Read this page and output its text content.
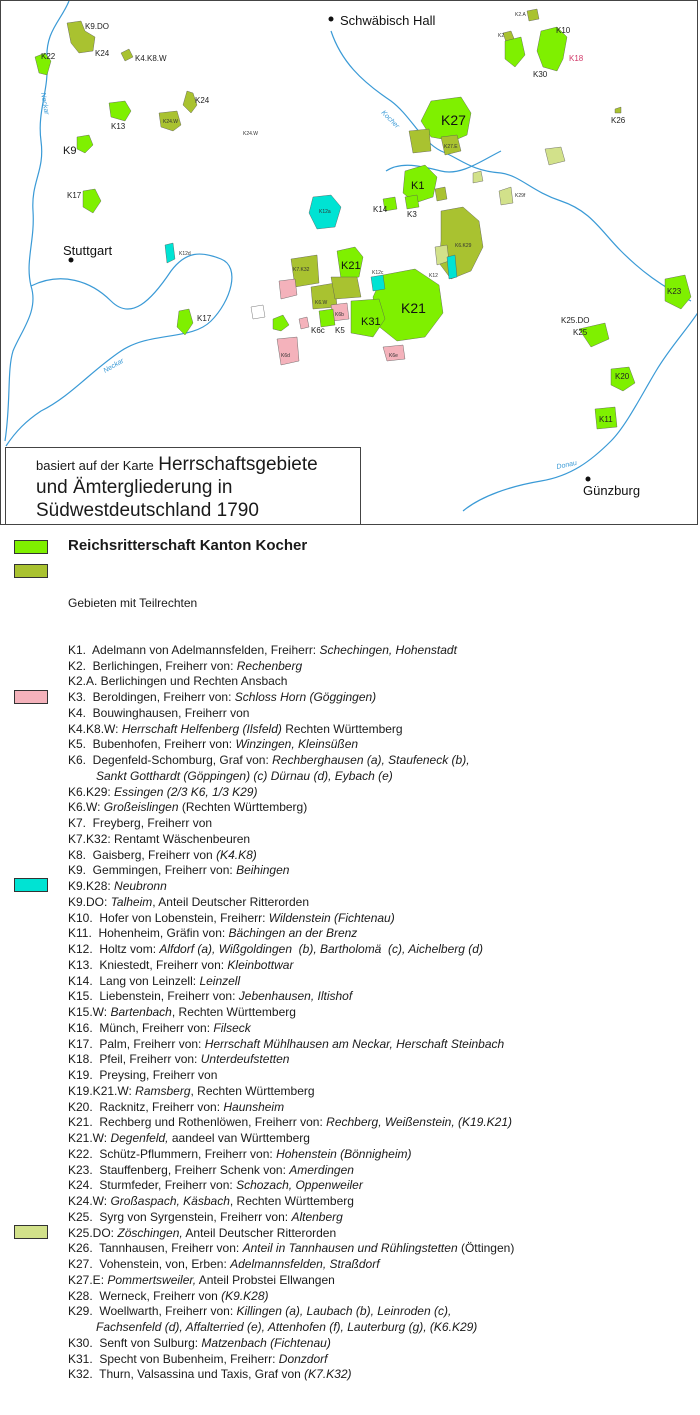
Neckar
Kocher
Neckar
Donau
Schwäbisch Hall
Stuttgart
Günzburg
K9.DO
K24
K22	K4.K8.W
K24
K13	K24.W
K24.W
K9
K17
K12d
K17
K2.A
K2
K10
K30
K18
K26
K27
K27.E
K1
K3
K14
K12a
K6.K29
K29f
K21
K21
K31
K7.K32
K6.W
K6b
K6c K5
K6d	K6e
K12
K12c
K23
K25.DO
K25
K20
K11
basiert auf der Karte Herrschaftsgebiete
und Ämtergliederung in
Südwestdeutschland 1790
Reichsritterschaft Kanton Kocher

Gebieten mit Teilrechten

K1.  Adelmann von Adelmannsfelden, Freiherr: Schechingen, Hohenstadt
K2.  Berlichingen, Freiherr von: Rechenberg
K2.A. Berlichingen und Rechten Ansbach
K3.  Beroldingen, Freiherr von: Schloss Horn (Göggingen)
K4.  Bouwinghausen, Freiherr von
K4.K8.W: Herrschaft Helfenberg (Ilsfeld) Rechten Württemberg
K5.  Bubenhofen, Freiherr von: Winzingen, Kleinsüßen
K6.  Degenfeld-Schomburg, Graf von: Rechberghausen (a), Staufeneck (b),
Sankt Gotthardt (Göppingen) (c) Dürnau (d), Eybach (e)
K6.K29: Essingen (2/3 K6, 1/3 K29)
K6.W: Großeislingen (Rechten Württemberg)
K7.  Freyberg, Freiherr von
K7.K32: Rentamt Wäschenbeuren
K8.  Gaisberg, Freiherr von (K4.K8)
K9.  Gemmingen, Freiherr von: Beihingen
K9.K28: Neubronn
K9.DO: Talheim, Anteil Deutscher Ritterorden
K10.  Hofer von Lobenstein, Freiherr: Wildenstein (Fichtenau)
K11.  Hohenheim, Gräfin von: Bächingen an der Brenz
K12.  Holtz vom: Alfdorf (a), Wißgoldingen  (b), Bartholomä  (c), Aichelberg (d)
K13.  Kniestedt, Freiherr von: Kleinbottwar
K14.  Lang von Leinzell: Leinzell
K15.  Liebenstein, Freiherr von: Jebenhausen, Iltishof
K15.W: Bartenbach, Rechten Württemberg
K16.  Münch, Freiherr von: Filseck
K17.  Palm, Freiherr von: Herrschaft Mühlhausen am Neckar, Herschaft Steinbach
K18.  Pfeil, Freiherr von: Unterdeufstetten
K19.  Preysing, Freiherr von
K19.K21.W: Ramsberg, Rechten Württemberg
K20.  Racknitz, Freiherr von: Haunsheim
K21.  Rechberg und Rothenlöwen, Freiherr von: Rechberg, Weißenstein, (K19.K21)
K21.W: Degenfeld, aandeel van Württemberg
K22.  Schütz-Pflummern, Freiherr von: Hohenstein (Bönnigheim)
K23.  Stauffenberg, Freiherr Schenk von: Amerdingen
K24.  Sturmfeder, Freiherr von: Schozach, Oppenweiler
K24.W: Großaspach, Käsbach, Rechten Württemberg
K25.  Syrg von Syrgenstein, Freiherr von: Altenberg
K25.DO: Zöschingen, Anteil Deutscher Ritterorden
K26.  Tannhausen, Freiherr von: Anteil in Tannhausen und Rühlingstetten (Öttingen)
K27.  Vohenstein, von, Erben: Adelmannsfelden, Straßdorf
K27.E: Pommertsweiler, Anteil Probstei Ellwangen
K28.  Werneck, Freiherr von (K9.K28)
K29.  Woellwarth, Freiherr von: Killingen (a), Laubach (b), Leinroden (c),
Fachsenfeld (d), Affalterried (e), Attenhofen (f), Lauterburg (g), (K6.K29)
K30.  Senft von Sulburg: Matzenbach (Fichtenau)
K31.  Specht von Bubenheim, Freiherr: Donzdorf
K32.  Thurn, Valsassina und Taxis, Graf von (K7.K32)
